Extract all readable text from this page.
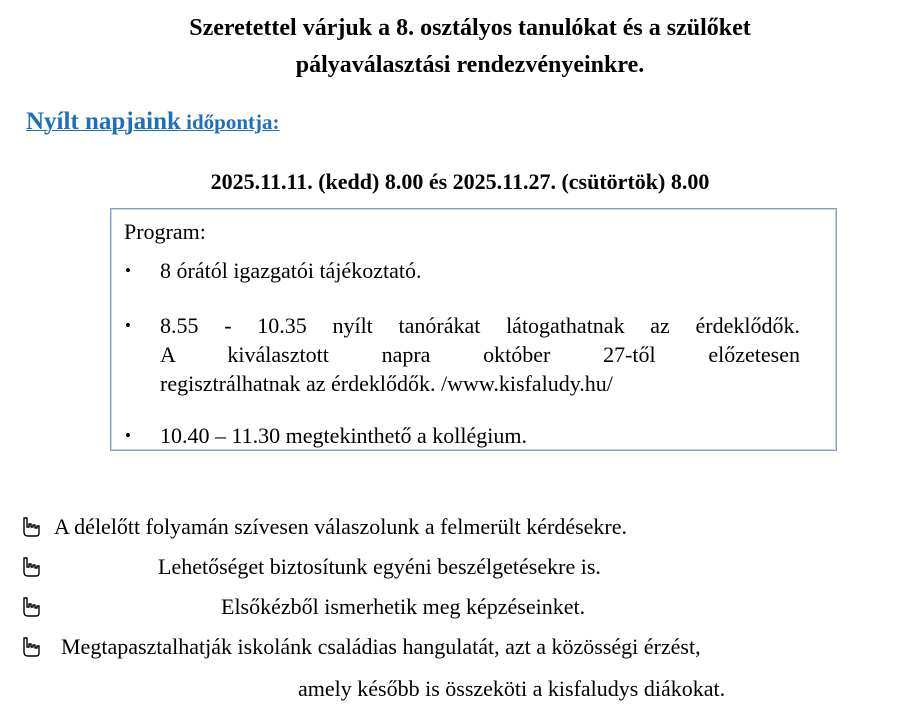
Szeretettel várjuk a 8. osztályos tanulókat és a szülőket
pályaválasztási rendezvényeinkre.
Nyílt napjaink időpontja:
2025.11.11. (kedd) 8.00 és 2025.11.27. (csütörtök) 8.00
Program:
• 8 órától igazgatói tájékoztató.
• 8.55 - 10.35 nyílt tanórákat látogathatnak az érdeklődők.
A kiválasztott napra október 27-től előzetesen
regisztrálhatnak az érdeklődők. /www.kisfaludy.hu/
• 10.40 – 11.30 megtekinthető a kollégium.
A délelőtt folyamán szívesen válaszolunk a felmerült kérdésekre.
Lehetőséget biztosítunk egyéni beszélgetésekre is.
Elsőkézből ismerhetik meg képzéseinket.
Megtapasztalhatják iskolánk családias hangulatát, azt a közösségi érzést,
amely később is összeköti a kisfaludys diákokat.
